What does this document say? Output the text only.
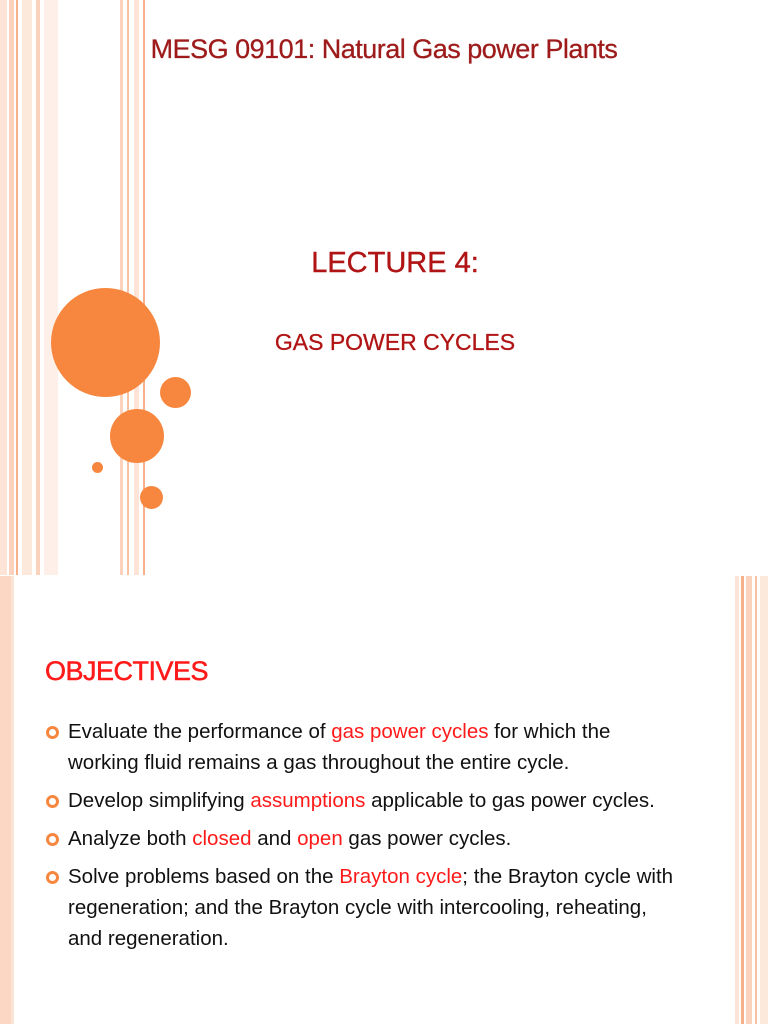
MESG 09101: Natural Gas power Plants
LECTURE 4:
GAS POWER CYCLES
OBJECTIVES
Evaluate the performance of gas power cycles for which the working fluid remains a gas throughout the entire cycle.
Develop simplifying assumptions applicable to gas power cycles.
Analyze both closed and open gas power cycles.
Solve problems based on the Brayton cycle; the Brayton cycle with regeneration; and the Brayton cycle with intercooling, reheating, and regeneration.
